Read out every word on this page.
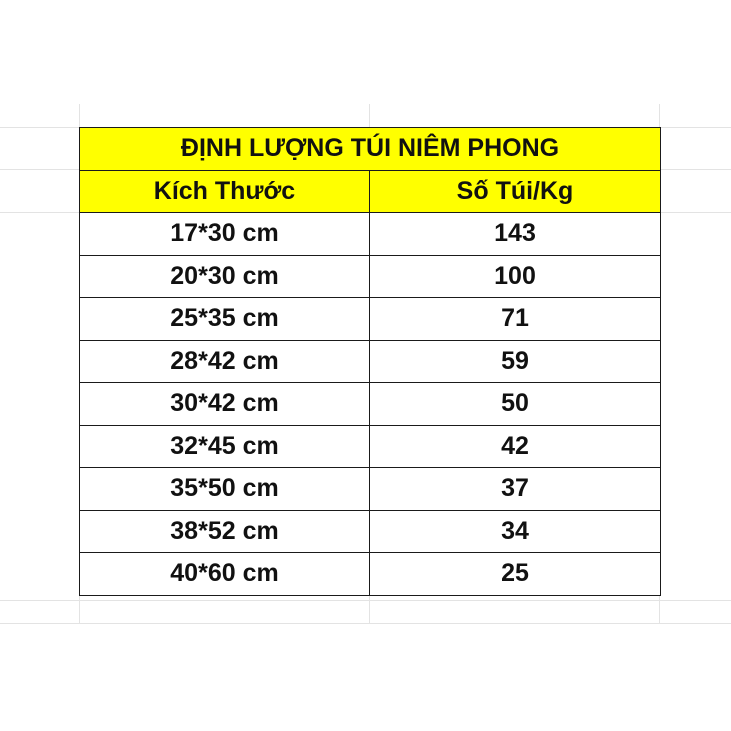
ĐỊNH LƯỢNG TÚI NIÊM PHONG	
Kích Thước	Số Túi/Kg
17*30 cm	143
20*30 cm	100
25*35 cm	71
28*42 cm	59
30*42 cm	50
32*45 cm	42
35*50 cm	37
38*52 cm	34
40*60 cm	25
